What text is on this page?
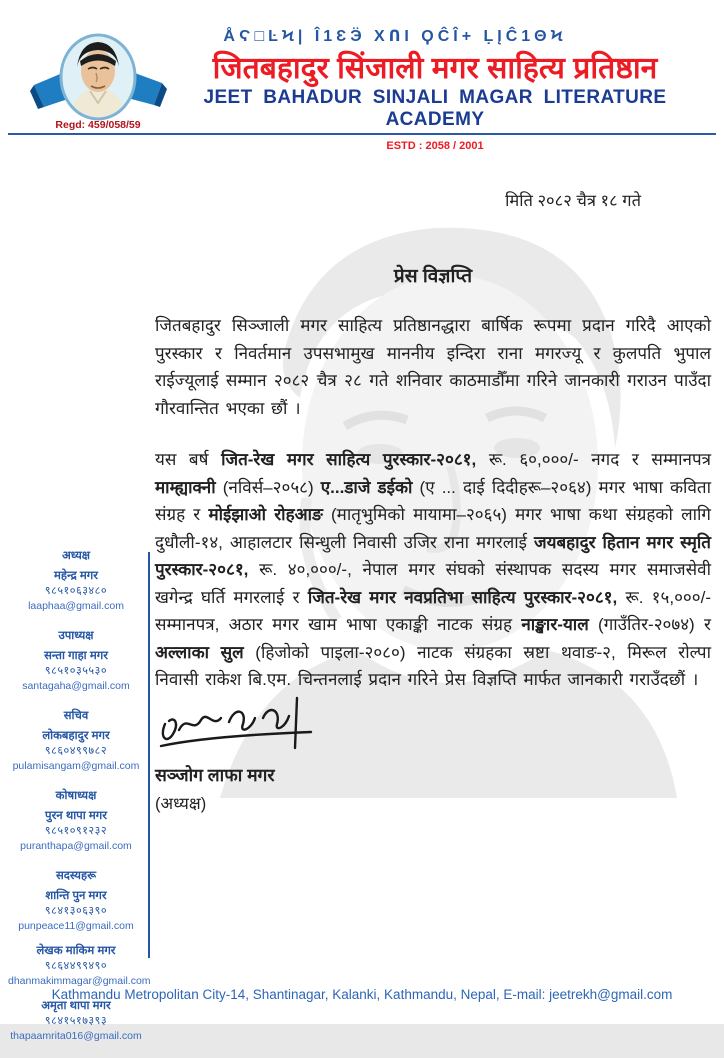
Regd: 459/058/59
ÅϚ□ĿϞ| Î1ƐӬ ΧՈΙ ϘĈÎ+ ḶĮĈ1ΘϞ
जितबहादुर सिंजाली मगर साहित्य प्रतिष्ठान
JEET BAHADUR SINJALI MAGAR LITERATURE ACADEMY
ESTD : 2058 / 2001
मिति २०८२ चैत्र १८ गते
प्रेस विज्ञप्ति

जितबहादुर सिञ्जाली मगर साहित्य प्रतिष्ठानद्धारा बार्षिक रूपमा प्रदान गरिदै आएको पुरस्कार र निवर्तमान उपसभामुख माननीय इन्दिरा राना मगरज्यू र कुलपति भुपाल राईज्यूलाई सम्मान २०८२ चैत्र २८ गते शनिवार काठमाडौँमा गरिने जानकारी गराउन पाउँदा गौरवान्तित भएका छौं ।

यस बर्ष जित-रेख मगर साहित्य पुरस्कार-२०८१, रू. ६०,०००/- नगद र सम्मानपत्र माम्ह्याक्नी (नविर्स–२०५८) ए...डाजे डईको (ए ... दाई दिदीहरू–२०६४) मगर भाषा कविता संग्रह र मोईझाओ रोहआङ (मातृभुमिको मायामा–२०६५) मगर भाषा कथा संग्रहको लागि दुधौली-१४, आहालटार सिन्धुली निवासी उजिर राना मगरलाई जयबहादुर हितान मगर स्मृति पुरस्कार-२०८१, रू. ४०,०००/-, नेपाल मगर संघको संस्थापक सदस्य मगर समाजसेवी खगेन्द्र घर्ति मगरलाई र जित-रेख मगर नवप्रतिभा साहित्य पुरस्कार-२०८१, रू. १५,०००/- सम्मानपत्र, अठार मगर खाम भाषा एकाङ्की नाटक संग्रह नाङ्खार-याल (गाउँतिर-२०७४) र अल्लाका सुल (हिजोको पाइला-२०८०) नाटक संग्रहका स्रष्टा थवाङ-२, मिरूल रोल्पा निवासी राकेश बि.एम. चिन्तनलाई प्रदान गरिने प्रेस विज्ञप्ति मार्फत जानकारी गराउँदछौं ।

सञ्जोग लाफा मगर
(अध्यक्ष)
अध्यक्ष
महेन्द्र मगर
९८५१०६३४८०
laaphaa@gmail.com
उपाध्यक्ष
सन्ता गाहा मगर
९८५१०३५५३०
santagaha@gmail.com
सचिव
लोकबहादुर मगर
९८६०४९९७८२
pulamisangam@gmail.com
कोषाध्यक्ष
पुरन थापा मगर
९८५१०९१२३२
puranthapa@gmail.com
सदस्यहरू
शान्ति पुन मगर
९८४१३०६३९०
punpeace11@gmail.com
लेखक माकिम मगर
९८६४४९९४९०
dhanmakimmagar@gmail.com
अमृता थापा मगर
९८४१५१७३९३
thapaamrita016@gmail.com
Kathmandu Metropolitan City-14, Shantinagar, Kalanki, Kathmandu, Nepal, E-mail: jeetrekh@gmail.com
